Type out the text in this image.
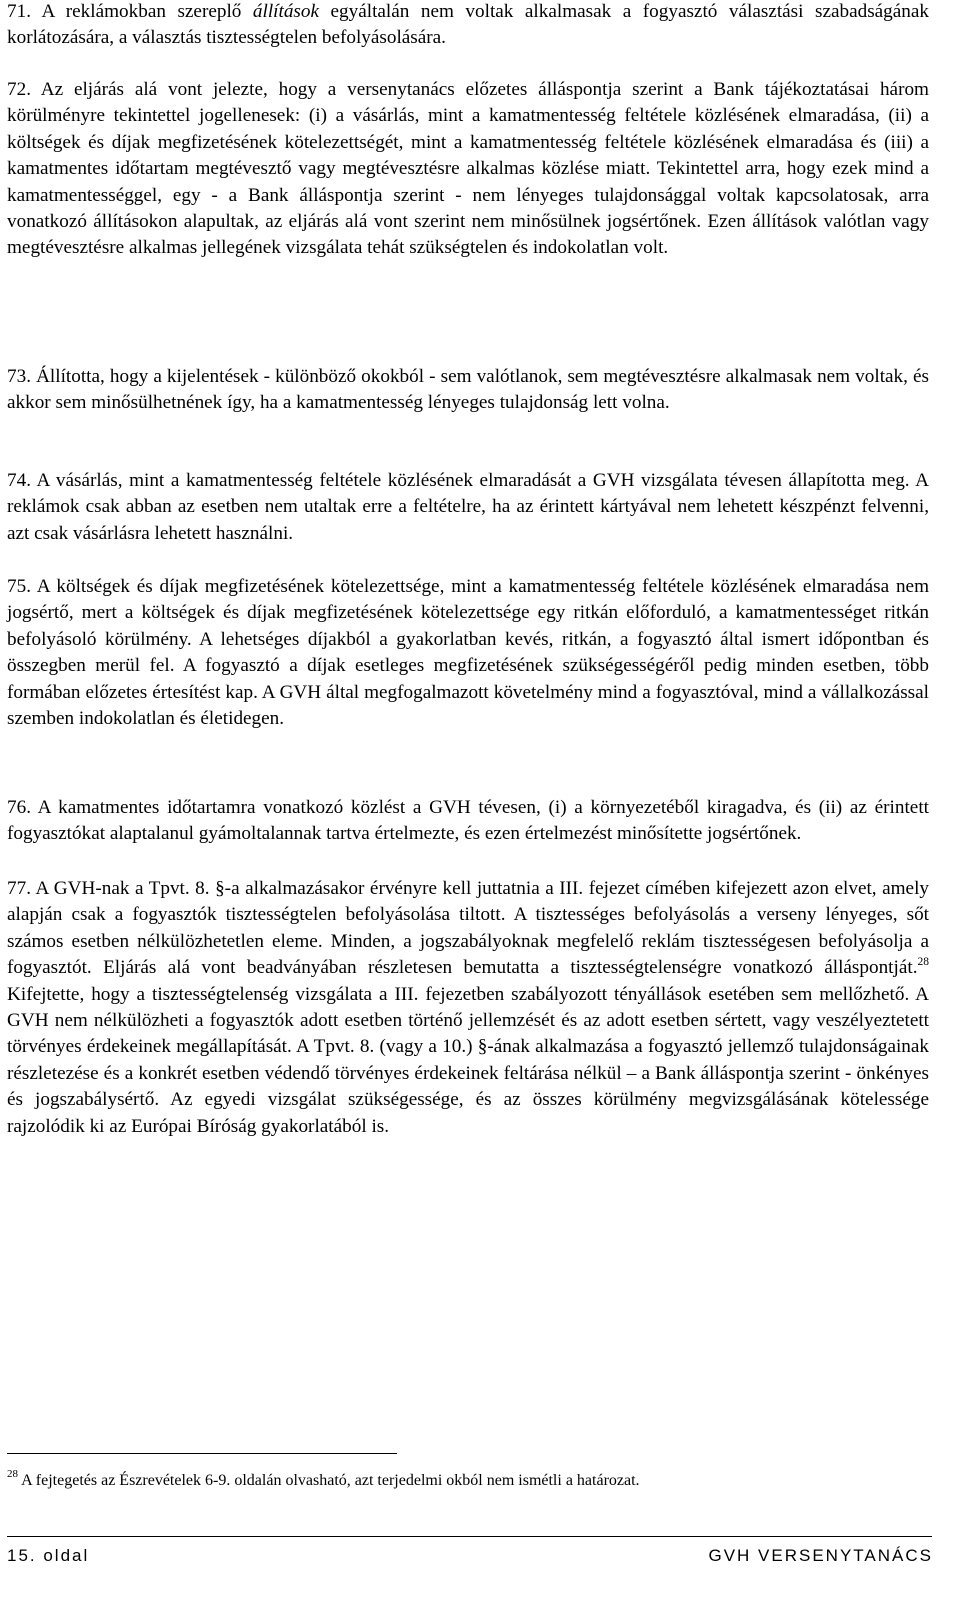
71. A reklámokban szereplő állítások egyáltalán nem voltak alkalmasak a fogyasztó választási szabadságának korlátozására, a választás tisztességtelen befolyásolására.

72. Az eljárás alá vont jelezte, hogy a versenytanács előzetes álláspontja szerint a Bank tájékoztatásai három körülményre tekintettel jogellenesek: (i) a vásárlás, mint a kamatmentesség feltétele közlésének elmaradása, (ii) a költségek és díjak megfizetésének kötelezettségét, mint a kamatmentesség feltétele közlésének elmaradása és (iii) a kamatmentes időtartam megtévesztő vagy megtévesztésre alkalmas közlése miatt. Tekintettel arra, hogy ezek mind a kamatmentességgel, egy - a Bank álláspontja szerint - nem lényeges tulajdonsággal voltak kapcsolatosak, arra vonatkozó állításokon alapultak, az eljárás alá vont szerint nem minősülnek jogsértőnek. Ezen állítások valótlan vagy megtévesztésre alkalmas jellegének vizsgálata tehát szükségtelen és indokolatlan volt.

73. Állította, hogy a kijelentések - különböző okokból - sem valótlanok, sem megtévesztésre alkalmasak nem voltak, és akkor sem minősülhetnének így, ha a kamatmentesség lényeges tulajdonság lett volna.

74. A vásárlás, mint a kamatmentesség feltétele közlésének elmaradását a GVH vizsgálata tévesen állapította meg. A reklámok csak abban az esetben nem utaltak erre a feltételre, ha az érintett kártyával nem lehetett készpénzt felvenni, azt csak vásárlásra lehetett használni.

75. A költségek és díjak megfizetésének kötelezettsége, mint a kamatmentesség feltétele közlésének elmaradása nem jogsértő, mert a költségek és díjak megfizetésének kötelezettsége egy ritkán előforduló, a kamatmentességet ritkán befolyásoló körülmény. A lehetséges díjakból a gyakorlatban kevés, ritkán, a fogyasztó által ismert időpontban és összegben merül fel. A fogyasztó a díjak esetleges megfizetésének szükségességéről pedig minden esetben, több formában előzetes értesítést kap. A GVH által megfogalmazott követelmény mind a fogyasztóval, mind a vállalkozással szemben indokolatlan és életidegen.

76. A kamatmentes időtartamra vonatkozó közlést a GVH tévesen, (i) a környezetéből kiragadva, és (ii) az érintett fogyasztókat alaptalanul gyámoltalannak tartva értelmezte, és ezen értelmezést minősítette jogsértőnek.

77. A GVH-nak a Tpvt. 8. §-a alkalmazásakor érvényre kell juttatnia a III. fejezet címében kifejezett azon elvet, amely alapján csak a fogyasztók tisztességtelen befolyásolása tiltott. A tisztességes befolyásolás a verseny lényeges, sőt számos esetben nélkülözhetetlen eleme. Minden, a jogszabályoknak megfelelő reklám tisztességesen befolyásolja a fogyasztót. Eljárás alá vont beadványában részletesen bemutatta a tisztességtelenségre vonatkozó álláspontját.$^{28}$ Kifejtette, hogy a tisztességtelenség vizsgálata a III. fejezetben szabályozott tényállások esetében sem mellőzhető. A GVH nem nélkülözheti a fogyasztók adott esetben történő jellemzését és az adott esetben sértett, vagy veszélyeztetett törvényes érdekeinek megállapítását. A Tpvt. 8. (vagy a 10.) §-ának alkalmazása a fogyasztó jellemző tulajdonságainak részletezése és a konkrét esetben védendő törvényes érdekeinek feltárása nélkül – a Bank álláspontja szerint - önkényes és jogszabálysértő. Az egyedi vizsgálat szükségessége, és az összes körülmény megvizsgálásának kötelessége rajzolódik ki az Európai Bíróság gyakorlatából is.

$^{28}$ A fejtegetés az Észrevételek 6-9. oldalán olvasható, azt terjedelmi okból nem ismétli a határozat.

15. oldal	GVH VERSENYTANÁCS
